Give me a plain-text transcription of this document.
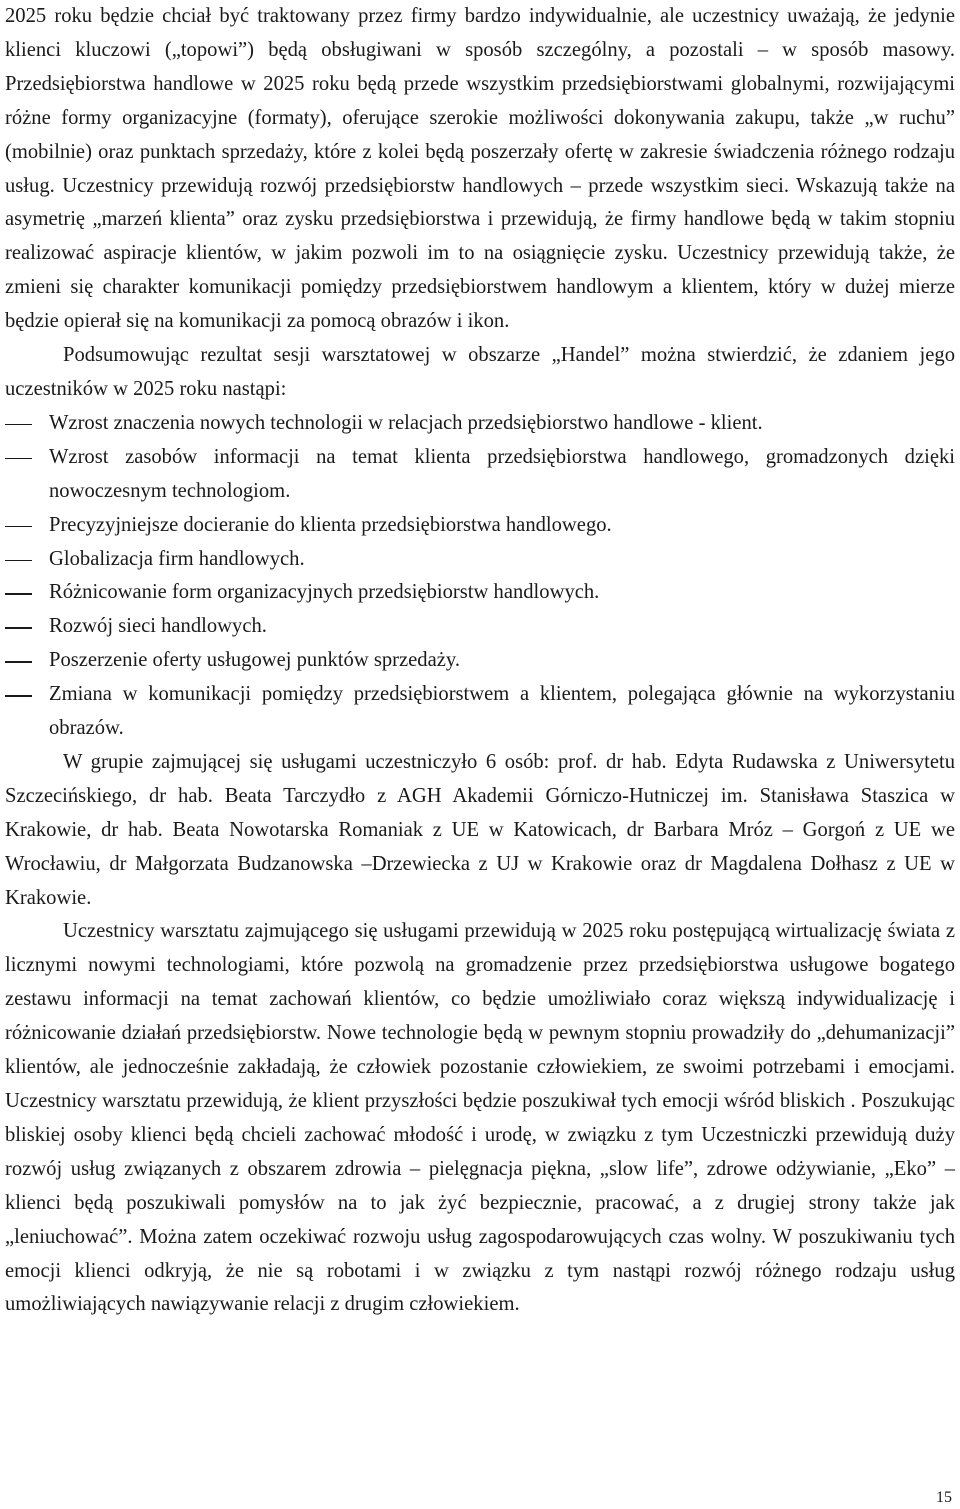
2025 roku będzie chciał być traktowany przez firmy bardzo indywidualnie, ale uczestnicy uważają, że jedynie klienci kluczowi („topowi”) będą obsługiwani w sposób szczególny, a pozostali – w sposób masowy. Przedsiębiorstwa handlowe w 2025 roku będą przede wszystkim przedsiębiorstwami globalnymi, rozwijającymi różne formy organizacyjne (formaty), oferujące szerokie możliwości dokonywania zakupu, także „w ruchu” (mobilnie) oraz punktach sprzedaży, które z kolei będą poszerzały ofertę w zakresie świadczenia różnego rodzaju usług. Uczestnicy przewidują rozwój przedsiębiorstw handlowych – przede wszystkim sieci. Wskazują także na asymetrię „marzeń klienta” oraz zysku przedsiębiorstwa i przewidują, że firmy handlowe będą w takim stopniu realizować aspiracje klientów, w jakim pozwoli im to na osiągnięcie zysku. Uczestnicy przewidują także, że zmieni się charakter komunikacji pomiędzy przedsiębiorstwem handlowym a klientem, który w dużej mierze będzie opierał się na komunikacji za pomocą obrazów i ikon.

Podsumowując rezultat sesji warsztatowej w obszarze „Handel” można stwierdzić, że zdaniem jego uczestników w 2025 roku nastąpi:

Wzrost znaczenia nowych technologii w relacjach przedsiębiorstwo handlowe - klient.
Wzrost zasobów informacji na temat klienta przedsiębiorstwa handlowego, gromadzonych dzięki nowoczesnym technologiom.
Precyzyjniejsze docieranie do klienta przedsiębiorstwa handlowego.
Globalizacja firm handlowych.
Różnicowanie form organizacyjnych przedsiębiorstw handlowych.
Rozwój sieci handlowych.
Poszerzenie oferty usługowej punktów sprzedaży.
Zmiana w komunikacji pomiędzy przedsiębiorstwem a klientem, polegająca głównie na wykorzystaniu obrazów.

W grupie zajmującej się usługami uczestniczyło 6 osób: prof. dr hab. Edyta Rudawska z Uniwersytetu Szczecińskiego, dr hab. Beata Tarczydło z AGH Akademii Górniczo-Hutniczej im. Stanisława Staszica w Krakowie, dr hab. Beata Nowotarska Romaniak z UE w Katowicach, dr Barbara Mróz – Gorgoń z UE we Wrocławiu, dr Małgorzata Budzanowska –Drzewiecka z UJ w Krakowie oraz dr Magdalena Dołhasz z UE w Krakowie.

Uczestnicy warsztatu zajmującego się usługami przewidują w 2025 roku postępującą wirtualizację świata z licznymi nowymi technologiami, które pozwolą na gromadzenie przez przedsiębiorstwa usługowe bogatego zestawu informacji na temat zachowań klientów, co będzie umożliwiało coraz większą indywidualizację i różnicowanie działań przedsiębiorstw. Nowe technologie będą w pewnym stopniu prowadziły do „dehumanizacji” klientów, ale jednocześnie zakładają, że człowiek pozostanie człowiekiem, ze swoimi potrzebami i emocjami. Uczestnicy warsztatu przewidują, że klient przyszłości będzie poszukiwał tych emocji wśród bliskich . Poszukując bliskiej osoby klienci będą chcieli zachować młodość i urodę, w związku z tym Uczestniczki przewidują duży rozwój usług związanych z obszarem zdrowia – pielęgnacja piękna, „slow life”, zdrowe odżywianie, „Eko” – klienci będą poszukiwali pomysłów na to jak żyć bezpiecznie, pracować, a z drugiej strony także jak „leniuchować”. Można zatem oczekiwać rozwoju usług zagospodarowujących czas wolny. W poszukiwaniu tych emocji klienci odkryją, że nie są robotami i w związku z tym nastąpi rozwój różnego rodzaju usług umożliwiających nawiązywanie relacji z drugim człowiekiem.

15
